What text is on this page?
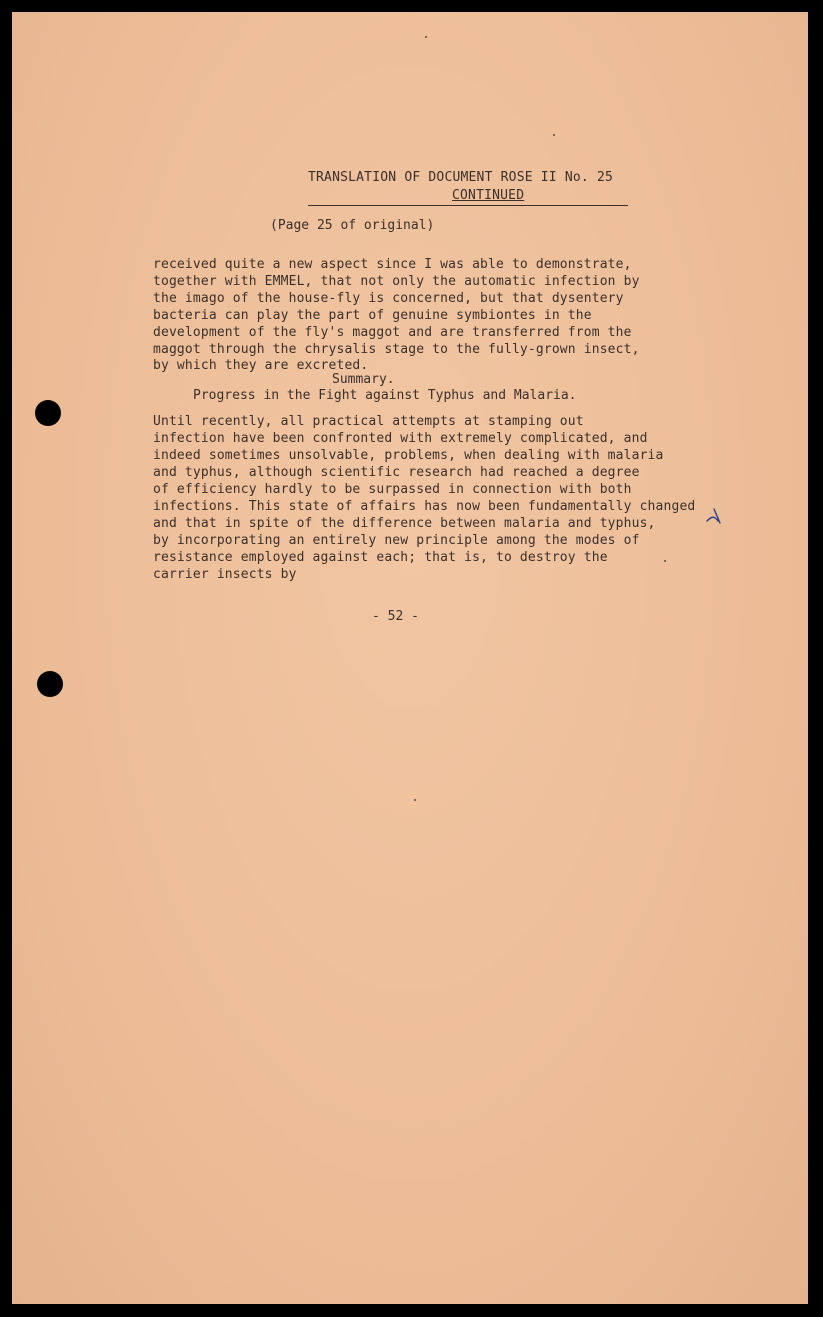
TRANSLATION OF DOCUMENT ROSE II No. 25
CONTINUED
(Page 25 of original)
received quite a new aspect since I was able to demonstrate,
together with EMMEL, that not only the automatic infection by
the imago of the house-fly is concerned, but that dysentery
bacteria can play the part of genuine symbiontes in the
development of the fly's maggot and are transferred from the
maggot through the chrysalis stage to the fully-grown insect,
by which they are excreted.
Summary.
Progress in the Fight against Typhus and Malaria.
Until recently, all practical attempts at stamping out
infection have been confronted with extremely complicated, and
indeed sometimes unsolvable, problems, when dealing with malaria
and typhus, although scientific research had reached a degree
of efficiency hardly to be surpassed in connection with both
infections. This state of affairs has now been fundamentally changed
and that in spite of the difference between malaria and typhus,
by incorporating an entirely new principle among the modes of
resistance employed against each; that is, to destroy the
carrier insects by
- 52 -
